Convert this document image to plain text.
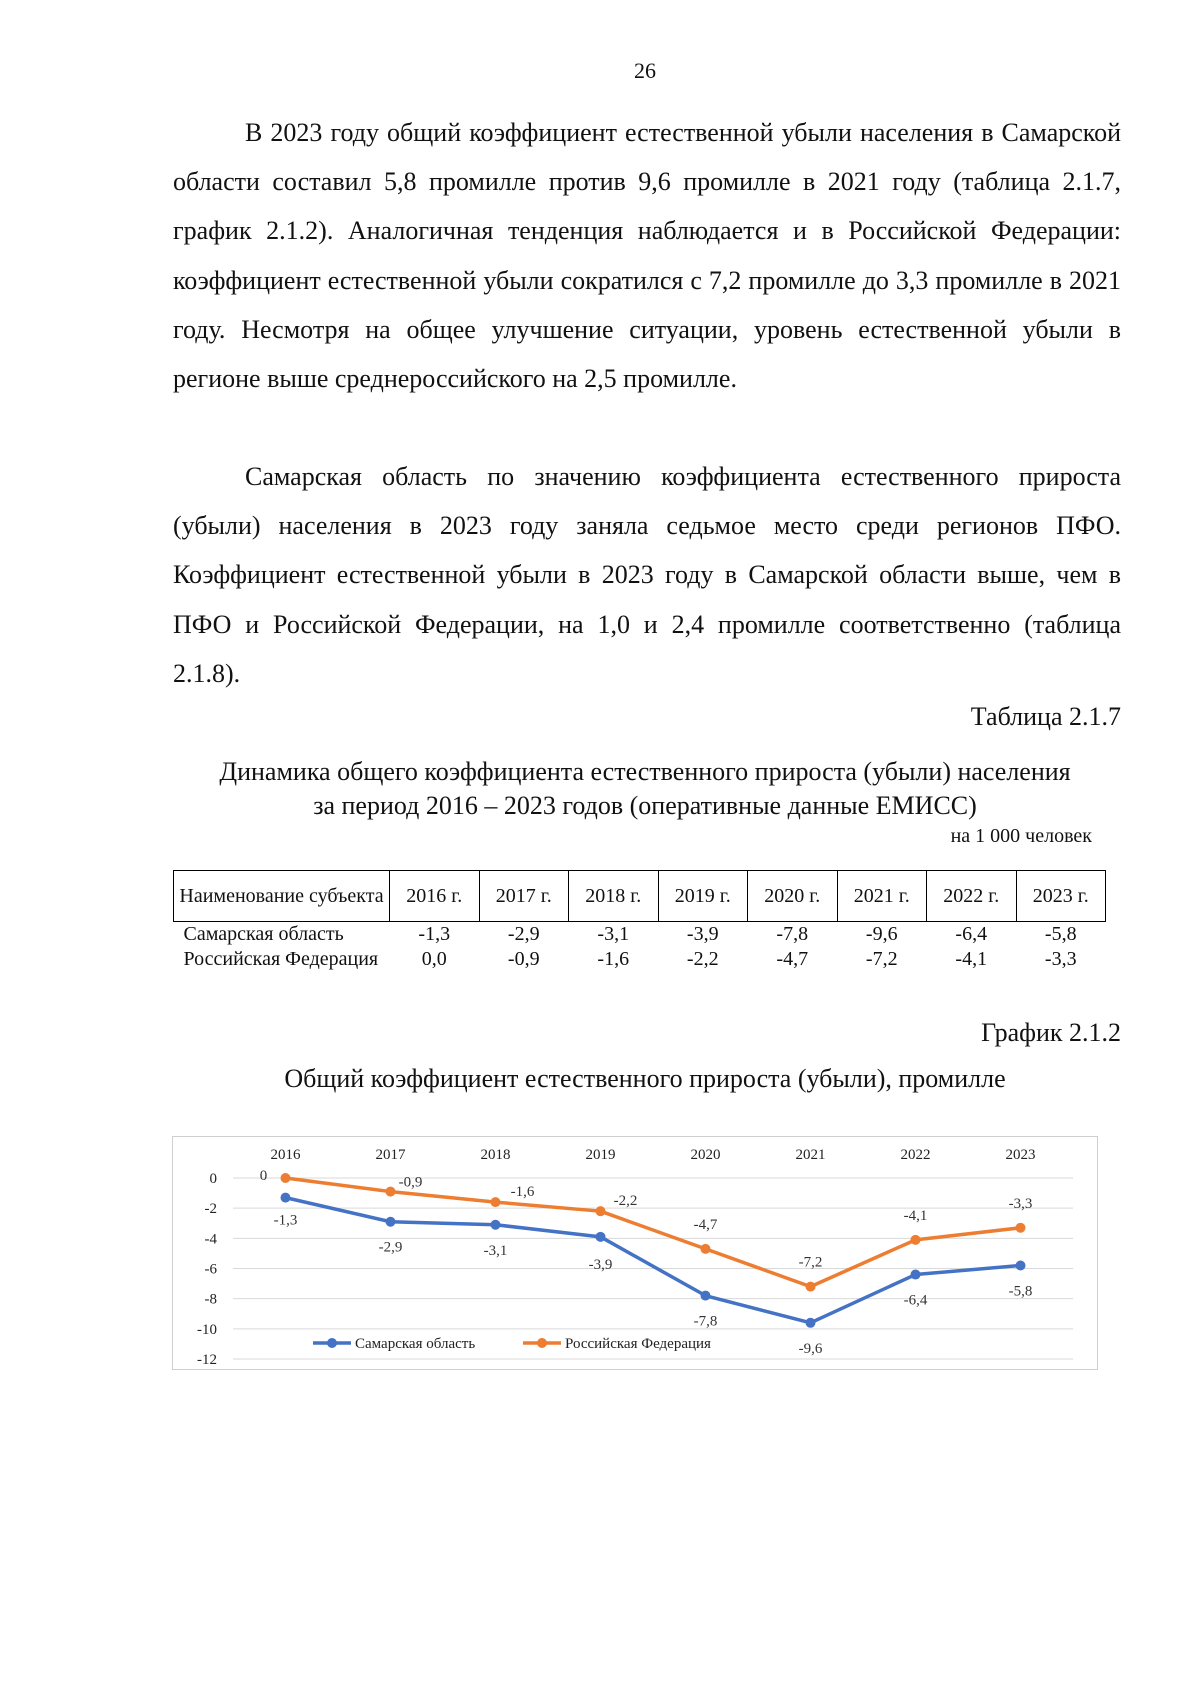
26

В 2023 году общий коэффициент естественной убыли населения в Самарской области составил 5,8 промилле против 9,6 промилле в 2021 году (таблица 2.1.7, график 2.1.2). Аналогичная тенденция наблюдается и в Российской Федерации: коэффициент естественной убыли сократился с 7,2 промилле до 3,3 промилле в 2021 году. Несмотря на общее улучшение ситуации, уровень естественной убыли в регионе выше среднероссийского на 2,5 промилле.

Самарская область по значению коэффициента естественного прироста (убыли) населения в 2023 году заняла седьмое место среди регионов ПФО. Коэффициент естественной убыли в 2023 году в Самарской области выше, чем в ПФО и Российской Федерации, на 1,0 и 2,4 промилле соответственно (таблица 2.1.8).

Таблица 2.1.7
Динамика общего коэффициента естественного прироста (убыли) населения
за период 2016 – 2023 годов (оперативные данные ЕМИСС)
на 1 000 человек
Наименование субъекта	2016 г.	2017 г.	2018 г.	2019 г.	2020 г.	2021 г.	2022 г.	2023 г.
Самарская область	-1,3	-2,9	-3,1	-3,9	-7,8	-9,6	-6,4	-5,8
Российская Федерация	0,0	-0,9	-1,6	-2,2	-4,7	-7,2	-4,1	-3,3
График 2.1.2
Общий коэффициент естественного прироста (убыли), промилле
0
-2
-4
-6
-8
-10
-12
2016	2017	2018	2019	2020	2021	2022	2023
-1,3
-2,9	-3,1
-3,9
-7,8
-9,6
-6,4
-5,8
0	-0,9
-1,6
-2,2
-4,7
-7,2
-4,1
-3,3
Самарская область	Российская Федерация
